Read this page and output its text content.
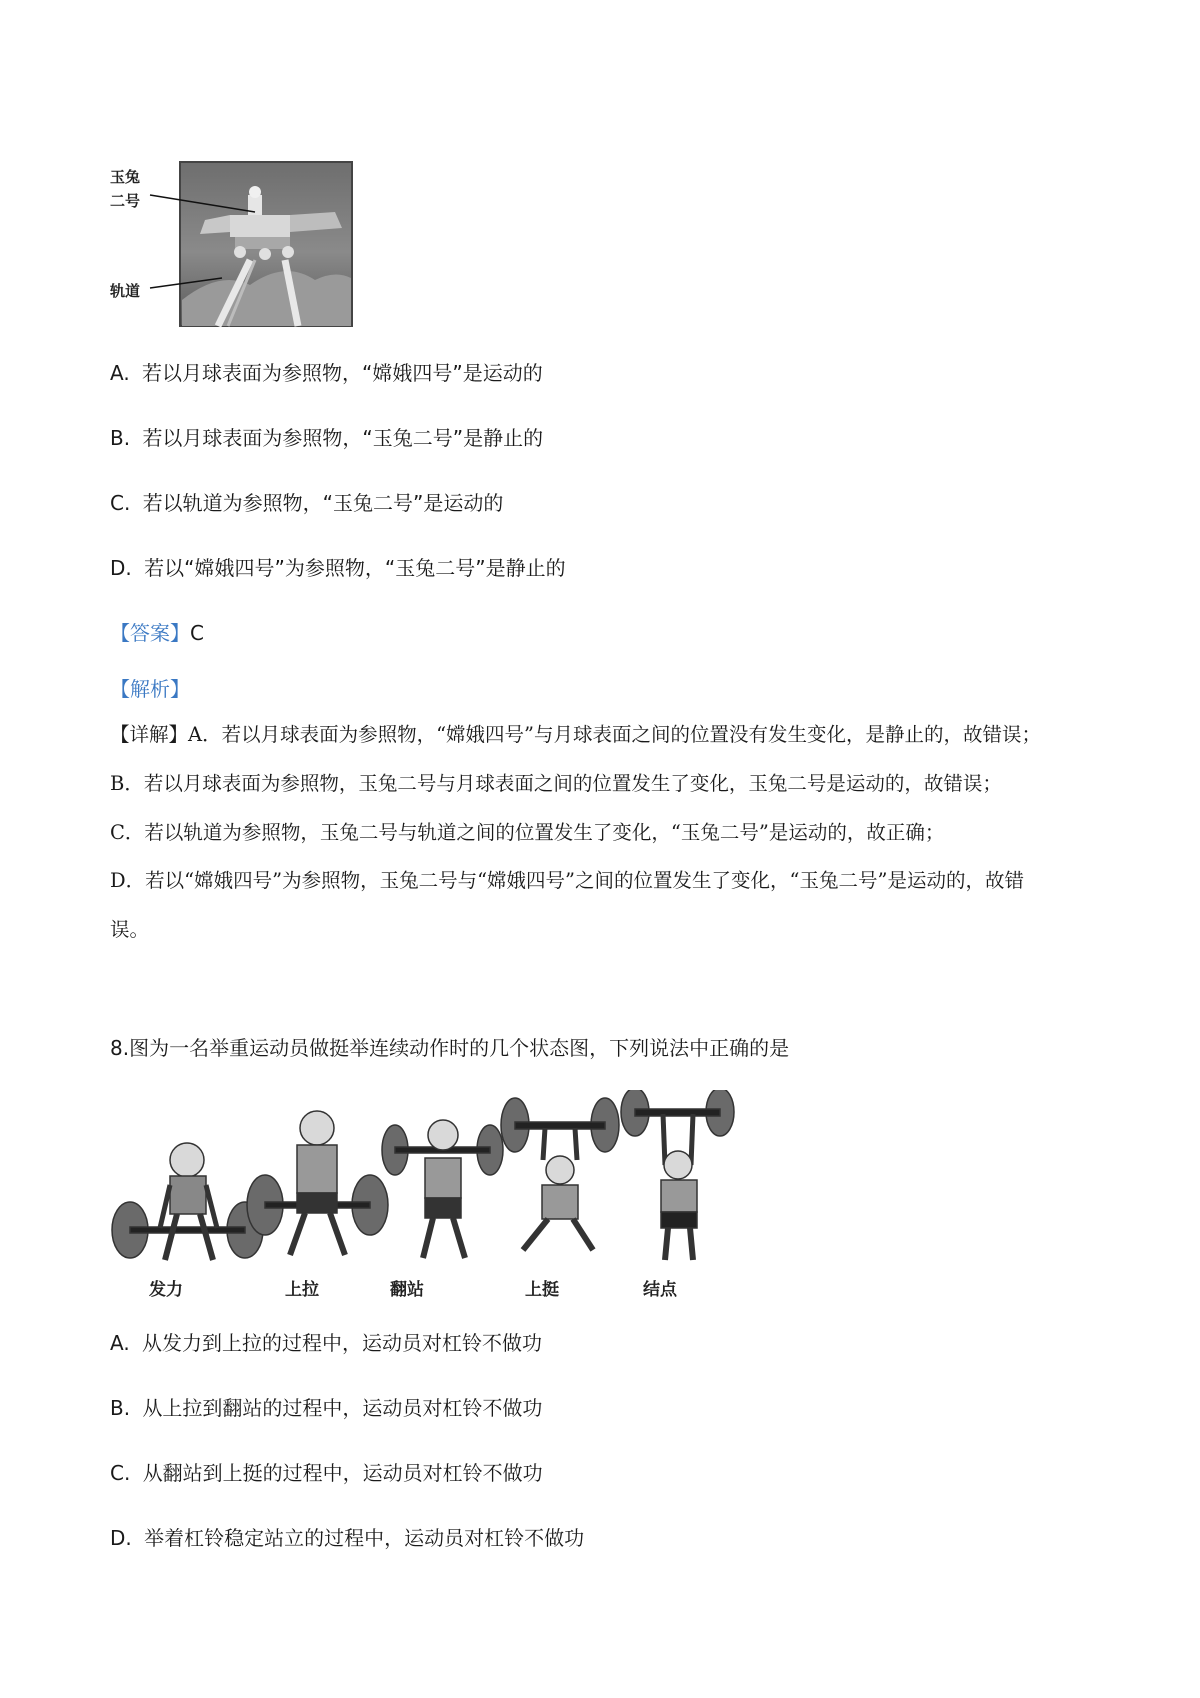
玉兔
二号
轨道
A. 若以月球表面为参照物，“嫦娥四号”是运动的
B. 若以月球表面为参照物，“玉兔二号”是静止的
C. 若以轨道为参照物，“玉兔二号”是运动的
D. 若以“嫦娥四号”为参照物，“玉兔二号”是静止的
【答案】C
【解析】
【详解】A．若以月球表面为参照物，“嫦娥四号”与月球表面之间的位置没有发生变化，是静止的，故错误；
B．若以月球表面为参照物，玉兔二号与月球表面之间的位置发生了变化，玉兔二号是运动的，故错误；
C．若以轨道为参照物，玉兔二号与轨道之间的位置发生了变化，“玉兔二号”是运动的，故正确；
D．若以“嫦娥四号”为参照物，玉兔二号与“嫦娥四号”之间的位置发生了变化，“玉兔二号”是运动的，故错
误。
8.图为一名举重运动员做挺举连续动作时的几个状态图，下列说法中正确的是
发力	上拉	翻站	上挺	结点
A. 从发力到上拉的过程中，运动员对杠铃不做功
B. 从上拉到翻站的过程中，运动员对杠铃不做功
C. 从翻站到上挺的过程中，运动员对杠铃不做功
D. 举着杠铃稳定站立的过程中，运动员对杠铃不做功
